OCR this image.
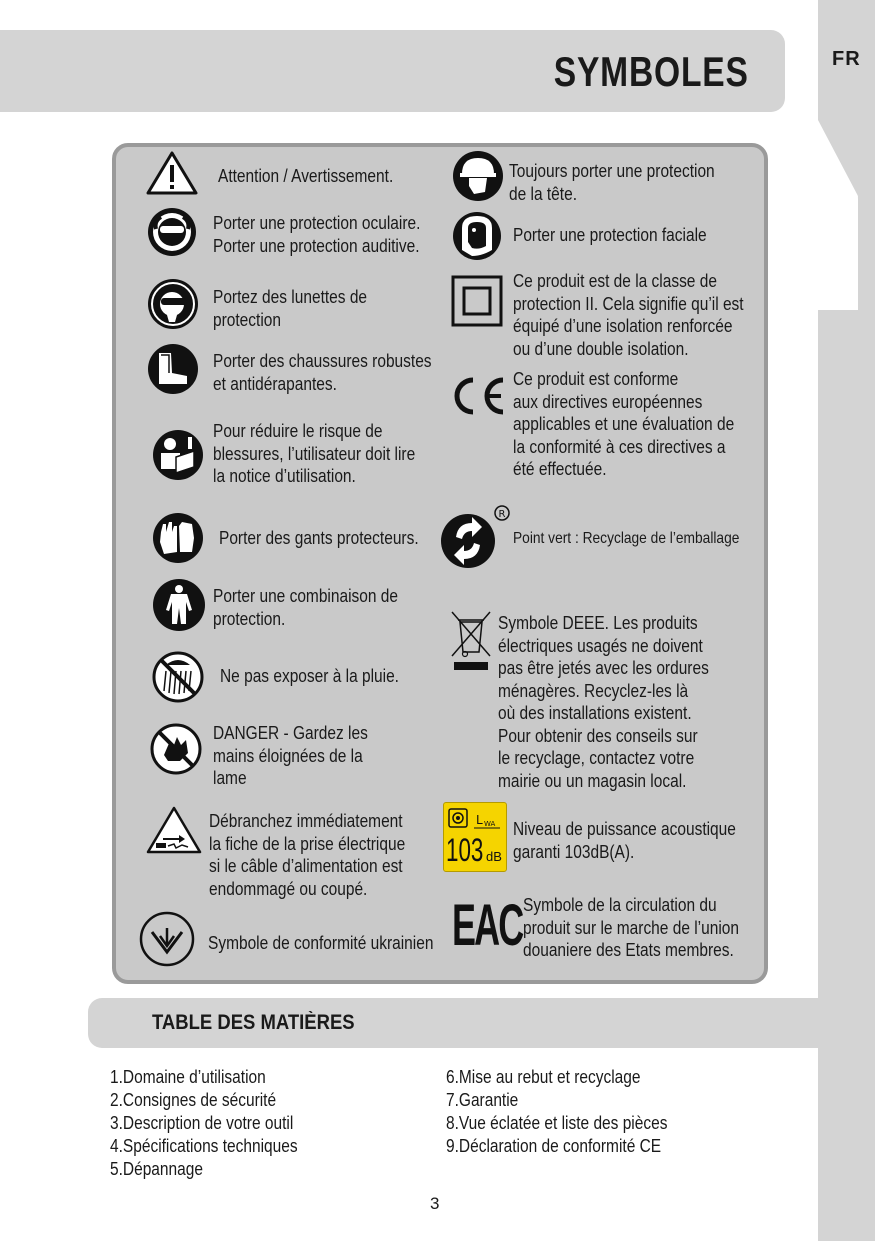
FR
SYMBOLES
Attention / Avertissement.
Porter une protection oculaire.
Porter une protection auditive.
Portez des lunettes de
protection
Porter des chaussures robustes
et antidérapantes.
Pour réduire le risque de
blessures, l’utilisateur doit lire
la notice d’utilisation.
Porter des gants protecteurs.
Porter une combinaison de
protection.
Ne pas exposer à la pluie.
DANGER - Gardez les
mains éloignées de la
lame
Débranchez immédiatement
la fiche de la prise électrique
si le câble d’alimentation est
endommagé ou coupé.
Symbole de conformité ukrainien
Toujours porter une protection
de la tête.
Porter une protection faciale
Ce produit est de la classe de
protection II. Cela signifie qu’il est
équipé d’une isolation renforcée
ou d’une double isolation.
Ce produit est conforme
aux directives européennes
applicables et une évaluation de
la conformité à ces directives a
été effectuée.
R
Point vert : Recyclage de l’emballage
Symbole DEEE. Les produits
électriques usagés ne doivent
pas être jetés avec les ordures
ménagères. Recyclez-les là
où des installations existent.
Pour obtenir des conseils sur
le recyclage, contactez votre
mairie ou un magasin local.
L WA
103 dB
Niveau de puissance acoustique
garanti 103dB(A).
EAC Symbole de la circulation du
produit sur le marche de l’union
douaniere des Etats membres.
TABLE DES MATIÈRES
1.Domaine d’utilisation
2.Consignes de sécurité
3.Description de votre outil
4.Spécifications techniques
5.Dépannage
6.Mise au rebut et recyclage
7.Garantie
8.Vue éclatée et liste des pièces
9.Déclaration de conformité CE
3
